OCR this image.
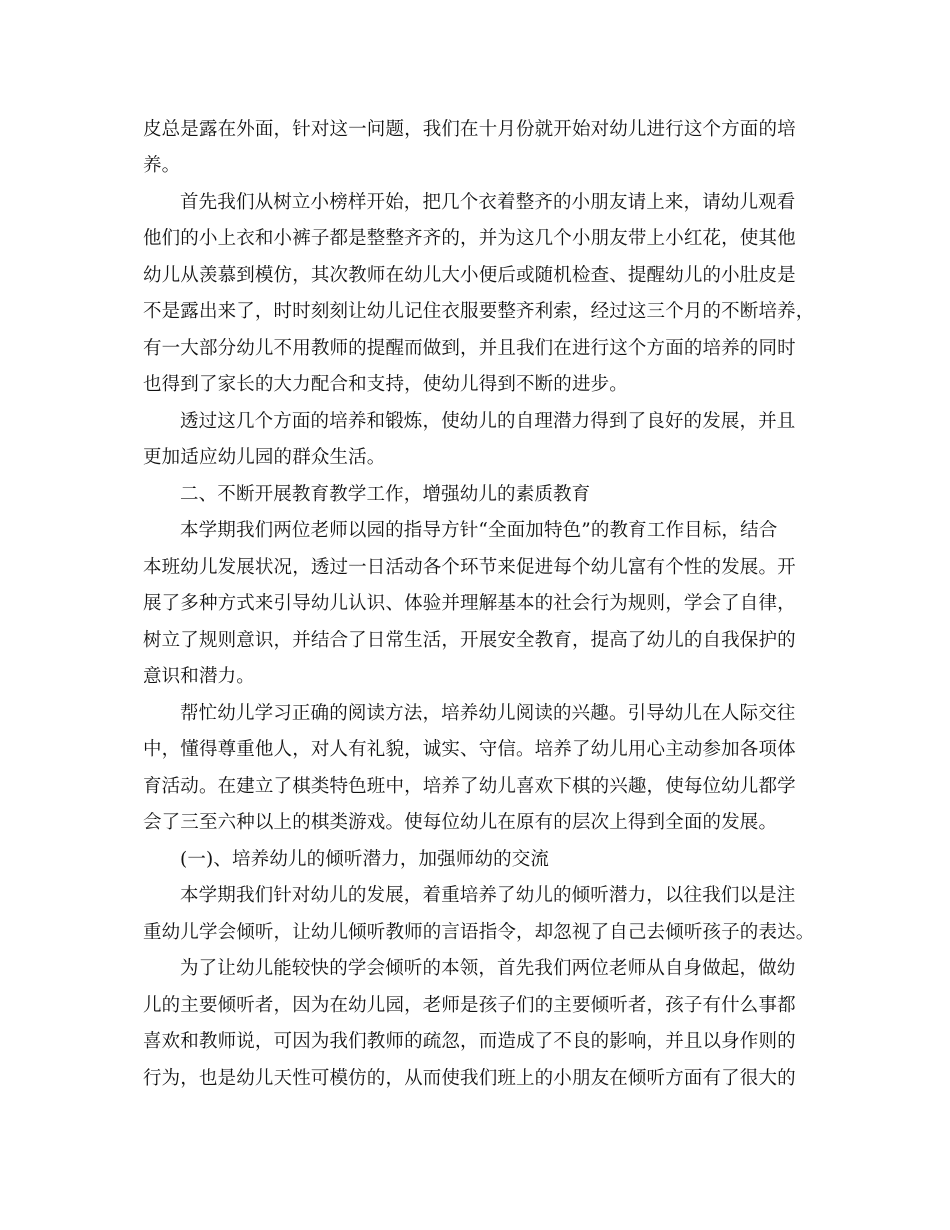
皮总是露在外面，针对这一问题，我们在十月份就开始对幼儿进行这个方面的培
养。
首先我们从树立小榜样开始，把几个衣着整齐的小朋友请上来，请幼儿观看
他们的小上衣和小裤子都是整整齐齐的，并为这几个小朋友带上小红花，使其他
幼儿从羡慕到模仿，其次教师在幼儿大小便后或随机检查、提醒幼儿的小肚皮是
不是露出来了，时时刻刻让幼儿记住衣服要整齐利索，经过这三个月的不断培养，
有一大部分幼儿不用教师的提醒而做到，并且我们在进行这个方面的培养的同时
也得到了家长的大力配合和支持，使幼儿得到不断的进步。
透过这几个方面的培养和锻炼，使幼儿的自理潜力得到了良好的发展，并且
更加适应幼儿园的群众生活。
二、不断开展教育教学工作，增强幼儿的素质教育
本学期我们两位老师以园的指导方针“全面加特色”的教育工作目标，结合
本班幼儿发展状况，透过一日活动各个环节来促进每个幼儿富有个性的发展。开
展了多种方式来引导幼儿认识、体验并理解基本的社会行为规则，学会了自律，
树立了规则意识，并结合了日常生活，开展安全教育，提高了幼儿的自我保护的
意识和潜力。
帮忙幼儿学习正确的阅读方法，培养幼儿阅读的兴趣。引导幼儿在人际交往
中，懂得尊重他人，对人有礼貌，诚实、守信。培养了幼儿用心主动参加各项体
育活动。在建立了棋类特色班中，培养了幼儿喜欢下棋的兴趣，使每位幼儿都学
会了三至六种以上的棋类游戏。使每位幼儿在原有的层次上得到全面的发展。
(一)、培养幼儿的倾听潜力，加强师幼的交流
本学期我们针对幼儿的发展，着重培养了幼儿的倾听潜力，以往我们以是注
重幼儿学会倾听，让幼儿倾听教师的言语指令，却忽视了自己去倾听孩子的表达。
为了让幼儿能较快的学会倾听的本领，首先我们两位老师从自身做起，做幼
儿的主要倾听者，因为在幼儿园，老师是孩子们的主要倾听者，孩子有什么事都
喜欢和教师说，可因为我们教师的疏忽，而造成了不良的影响，并且以身作则的
行为，也是幼儿天性可模仿的，从而使我们班上的小朋友在倾听方面有了很大的
